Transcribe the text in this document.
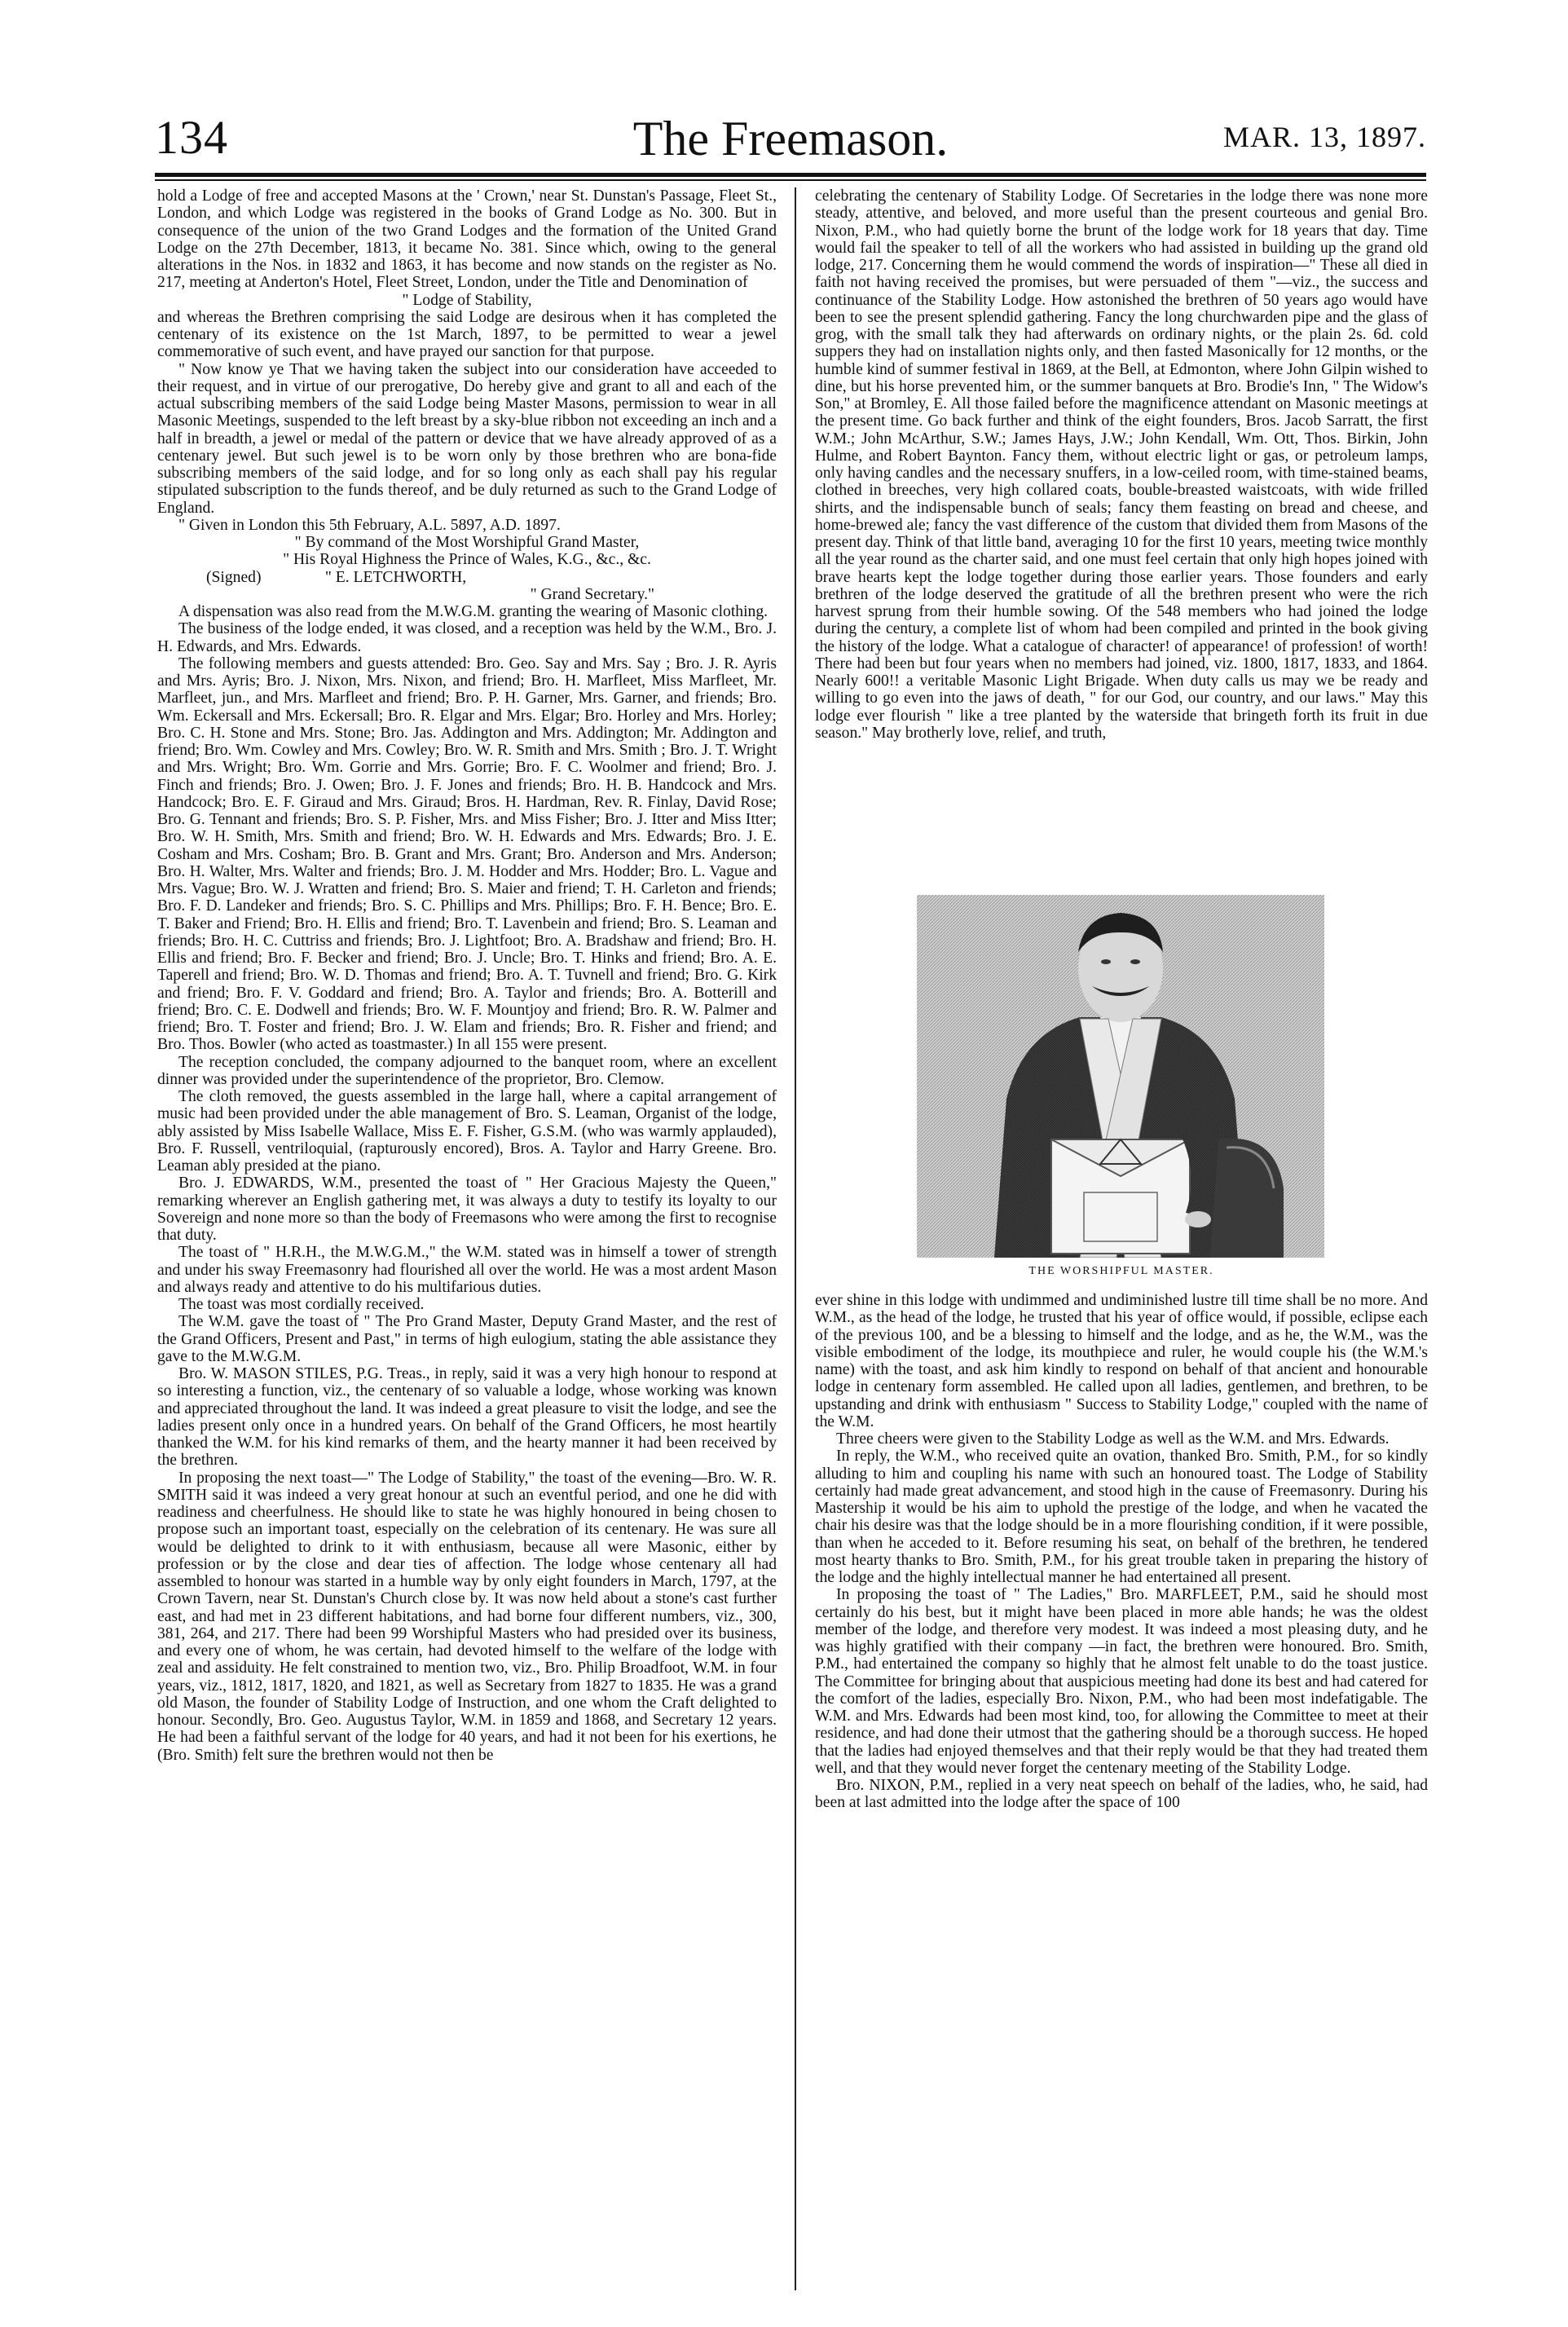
134	The Freemason.	MAR. 13, 1897.

hold a Lodge of free and accepted Masons at the ' Crown,' near St. Dunstan's Passage, Fleet St., London, and which Lodge was registered in the books of Grand Lodge as No. 300. But in consequence of the union of the two Grand Lodges and the formation of the United Grand Lodge on the 27th December, 1813, it became No. 381. Since which, owing to the general alterations in the Nos. in 1832 and 1863, it has become and now stands on the register as No. 217, meeting at Anderton's Hotel, Fleet Street, London, under the Title and Denomination of

" Lodge of Stability,

and whereas the Brethren comprising the said Lodge are desirous when it has completed the centenary of its existence on the 1st March, 1897, to be permitted to wear a jewel commemorative of such event, and have prayed our sanction for that purpose.

" Now know ye That we having taken the subject into our consideration have acceeded to their request, and in virtue of our prerogative, Do hereby give and grant to all and each of the actual subscribing members of the said Lodge being Master Masons, permission to wear in all Masonic Meetings, suspended to the left breast by a sky-blue ribbon not exceeding an inch and a half in breadth, a jewel or medal of the pattern or device that we have already approved of as a centenary jewel. But such jewel is to be worn only by those brethren who are bona-fide subscribing members of the said lodge, and for so long only as each shall pay his regular stipulated subscription to the funds thereof, and be duly returned as such to the Grand Lodge of England.

" Given in London this 5th February, A.L. 5897, A.D. 1897.

" By command of the Most Worshipful Grand Master,

" His Royal Highness the Prince of Wales, K.G., &c., &c.

(Signed)                " E. LETCHWORTH,

" Grand Secretary."

A dispensation was also read from the M.W.G.M. granting the wearing of Masonic clothing.

The business of the lodge ended, it was closed, and a reception was held by the W.M., Bro. J. H. Edwards, and Mrs. Edwards.

The following members and guests attended: Bro. Geo. Say and Mrs. Say ; Bro. J. R. Ayris and Mrs. Ayris; Bro. J. Nixon, Mrs. Nixon, and friend; Bro. H. Marfleet, Miss Marfleet, Mr. Marfleet, jun., and Mrs. Marfleet and friend; Bro. P. H. Garner, Mrs. Garner, and friends; Bro. Wm. Eckersall and Mrs. Eckersall; Bro. R. Elgar and Mrs. Elgar; Bro. Horley and Mrs. Horley; Bro. C. H. Stone and Mrs. Stone; Bro. Jas. Addington and Mrs. Addington; Mr. Addington and friend; Bro. Wm. Cowley and Mrs. Cowley; Bro. W. R. Smith and Mrs. Smith ; Bro. J. T. Wright and Mrs. Wright; Bro. Wm. Gorrie and Mrs. Gorrie; Bro. F. C. Woolmer and friend; Bro. J. Finch and friends; Bro. J. Owen; Bro. J. F. Jones and friends; Bro. H. B. Handcock and Mrs. Handcock; Bro. E. F. Giraud and Mrs. Giraud; Bros. H. Hardman, Rev. R. Finlay, David Rose; Bro. G. Tennant and friends; Bro. S. P. Fisher, Mrs. and Miss Fisher; Bro. J. Itter and Miss Itter; Bro. W. H. Smith, Mrs. Smith and friend; Bro. W. H. Edwards and Mrs. Edwards; Bro. J. E. Cosham and Mrs. Cosham; Bro. B. Grant and Mrs. Grant; Bro. Anderson and Mrs. Anderson; Bro. H. Walter, Mrs. Walter and friends; Bro. J. M. Hodder and Mrs. Hodder; Bro. L. Vague and Mrs. Vague; Bro. W. J. Wratten and friend; Bro. S. Maier and friend; T. H. Carleton and friends; Bro. F. D. Landeker and friends; Bro. S. C. Phillips and Mrs. Phillips; Bro. F. H. Bence; Bro. E. T. Baker and Friend; Bro. H. Ellis and friend; Bro. T. Lavenbein and friend; Bro. S. Leaman and friends; Bro. H. C. Cuttriss and friends; Bro. J. Lightfoot; Bro. A. Bradshaw and friend; Bro. H. Ellis and friend; Bro. F. Becker and friend; Bro. J. Uncle; Bro. T. Hinks and friend; Bro. A. E. Taperell and friend; Bro. W. D. Thomas and friend; Bro. A. T. Tuvnell and friend; Bro. G. Kirk and friend; Bro. F. V. Goddard and friend; Bro. A. Taylor and friends; Bro. A. Botterill and friend; Bro. C. E. Dodwell and friends; Bro. W. F. Mountjoy and friend; Bro. R. W. Palmer and friend; Bro. T. Foster and friend; Bro. J. W. Elam and friends; Bro. R. Fisher and friend; and Bro. Thos. Bowler (who acted as toastmaster.) In all 155 were present.

The reception concluded, the company adjourned to the banquet room, where an excellent dinner was provided under the superintendence of the proprietor, Bro. Clemow.

The cloth removed, the guests assembled in the large hall, where a capital arrangement of music had been provided under the able management of Bro. S. Leaman, Organist of the lodge, ably assisted by Miss Isabelle Wallace, Miss E. F. Fisher, G.S.M. (who was warmly applauded), Bro. F. Russell, ventriloquial, (rapturously encored), Bros. A. Taylor and Harry Greene. Bro. Leaman ably presided at the piano.

Bro. J. EDWARDS, W.M., presented the toast of " Her Gracious Majesty the Queen," remarking wherever an English gathering met, it was always a duty to testify its loyalty to our Sovereign and none more so than the body of Freemasons who were among the first to recognise that duty.

The toast of " H.R.H., the M.W.G.M.," the W.M. stated was in himself a tower of strength and under his sway Freemasonry had flourished all over the world. He was a most ardent Mason and always ready and attentive to do his multifarious duties.

The toast was most cordially received.

The W.M. gave the toast of " The Pro Grand Master, Deputy Grand Master, and the rest of the Grand Officers, Present and Past," in terms of high eulogium, stating the able assistance they gave to the M.W.G.M.

Bro. W. MASON STILES, P.G. Treas., in reply, said it was a very high honour to respond at so interesting a function, viz., the centenary of so valuable a lodge, whose working was known and appreciated throughout the land. It was indeed a great pleasure to visit the lodge, and see the ladies present only once in a hundred years. On behalf of the Grand Officers, he most heartily thanked the W.M. for his kind remarks of them, and the hearty manner it had been received by the brethren.

In proposing the next toast—" The Lodge of Stability," the toast of the evening—Bro. W. R. SMITH said it was indeed a very great honour at such an eventful period, and one he did with readiness and cheerfulness. He should like to state he was highly honoured in being chosen to propose such an important toast, especially on the celebration of its centenary. He was sure all would be delighted to drink to it with enthusiasm, because all were Masonic, either by profession or by the close and dear ties of affection. The lodge whose centenary all had assembled to honour was started in a humble way by only eight founders in March, 1797, at the Crown Tavern, near St. Dunstan's Church close by. It was now held about a stone's cast further east, and had met in 23 different habitations, and had borne four different numbers, viz., 300, 381, 264, and 217. There had been 99 Worshipful Masters who had presided over its business, and every one of whom, he was certain, had devoted himself to the welfare of the lodge with zeal and assiduity. He felt constrained to mention two, viz., Bro. Philip Broadfoot, W.M. in four years, viz., 1812, 1817, 1820, and 1821, as well as Secretary from 1827 to 1835. He was a grand old Mason, the founder of Stability Lodge of Instruction, and one whom the Craft delighted to honour. Secondly, Bro. Geo. Augustus Taylor, W.M. in 1859 and 1868, and Secretary 12 years. He had been a faithful servant of the lodge for 40 years, and had it not been for his exertions, he (Bro. Smith) felt sure the brethren would not then be

celebrating the centenary of Stability Lodge. Of Secretaries in the lodge there was none more steady, attentive, and beloved, and more useful than the present courteous and genial Bro. Nixon, P.M., who had quietly borne the brunt of the lodge work for 18 years that day. Time would fail the speaker to tell of all the workers who had assisted in building up the grand old lodge, 217. Concerning them he would commend the words of inspiration—" These all died in faith not having received the promises, but were persuaded of them "—viz., the success and continuance of the Stability Lodge. How astonished the brethren of 50 years ago would have been to see the present splendid gathering. Fancy the long churchwarden pipe and the glass of grog, with the small talk they had afterwards on ordinary nights, or the plain 2s. 6d. cold suppers they had on installation nights only, and then fasted Masonically for 12 months, or the humble kind of summer festival in 1869, at the Bell, at Edmonton, where John Gilpin wished to dine, but his horse prevented him, or the summer banquets at Bro. Brodie's Inn, " The Widow's Son," at Bromley, E. All those failed before the magnificence attendant on Masonic meetings at the present time. Go back further and think of the eight founders, Bros. Jacob Sarratt, the first W.M.; John McArthur, S.W.; James Hays, J.W.; John Kendall, Wm. Ott, Thos. Birkin, John Hulme, and Robert Baynton. Fancy them, without electric light or gas, or petroleum lamps, only having candles and the necessary snuffers, in a low-ceiled room, with time-stained beams, clothed in breeches, very high collared coats, bouble-breasted waistcoats, with wide frilled shirts, and the indispensable bunch of seals; fancy them feasting on bread and cheese, and home-brewed ale; fancy the vast difference of the custom that divided them from Masons of the present day. Think of that little band, averaging 10 for the first 10 years, meeting twice monthly all the year round as the charter said, and one must feel certain that only high hopes joined with brave hearts kept the lodge together during those earlier years. Those founders and early brethren of the lodge deserved the gratitude of all the brethren present who were the rich harvest sprung from their humble sowing. Of the 548 members who had joined the lodge during the century, a complete list of whom had been compiled and printed in the book giving the history of the lodge. What a catalogue of character! of appearance! of profession! of worth! There had been but four years when no members had joined, viz. 1800, 1817, 1833, and 1864. Nearly 600!! a veritable Masonic Light Brigade. When duty calls us may we be ready and willing to go even into the jaws of death, " for our God, our country, and our laws." May this lodge ever flourish " like a tree planted by the waterside that bringeth forth its fruit in due season." May brotherly love, relief, and truth,

THE WORSHIPFUL MASTER.

ever shine in this lodge with undimmed and undiminished lustre till time shall be no more. And W.M., as the head of the lodge, he trusted that his year of office would, if possible, eclipse each of the previous 100, and be a blessing to himself and the lodge, and as he, the W.M., was the visible embodiment of the lodge, its mouthpiece and ruler, he would couple his (the W.M.'s name) with the toast, and ask him kindly to respond on behalf of that ancient and honourable lodge in centenary form assembled. He called upon all ladies, gentlemen, and brethren, to be upstanding and drink with enthusiasm " Success to Stability Lodge," coupled with the name of the W.M.

Three cheers were given to the Stability Lodge as well as the W.M. and Mrs. Edwards.

In reply, the W.M., who received quite an ovation, thanked Bro. Smith, P.M., for so kindly alluding to him and coupling his name with such an honoured toast. The Lodge of Stability certainly had made great advancement, and stood high in the cause of Freemasonry. During his Mastership it would be his aim to uphold the prestige of the lodge, and when he vacated the chair his desire was that the lodge should be in a more flourishing condition, if it were possible, than when he acceded to it. Before resuming his seat, on behalf of the brethren, he tendered most hearty thanks to Bro. Smith, P.M., for his great trouble taken in preparing the history of the lodge and the highly intellectual manner he had entertained all present.

In proposing the toast of " The Ladies," Bro. MARFLEET, P.M., said he should most certainly do his best, but it might have been placed in more able hands; he was the oldest member of the lodge, and therefore very modest. It was indeed a most pleasing duty, and he was highly gratified with their company —in fact, the brethren were honoured. Bro. Smith, P.M., had entertained the company so highly that he almost felt unable to do the toast justice. The Committee for bringing about that auspicious meeting had done its best and had catered for the comfort of the ladies, especially Bro. Nixon, P.M., who had been most indefatigable. The W.M. and Mrs. Edwards had been most kind, too, for allowing the Committee to meet at their residence, and had done their utmost that the gathering should be a thorough success. He hoped that the ladies had enjoyed themselves and that their reply would be that they had treated them well, and that they would never forget the centenary meeting of the Stability Lodge.

Bro. NIXON, P.M., replied in a very neat speech on behalf of the ladies, who, he said, had been at last admitted into the lodge after the space of 100
